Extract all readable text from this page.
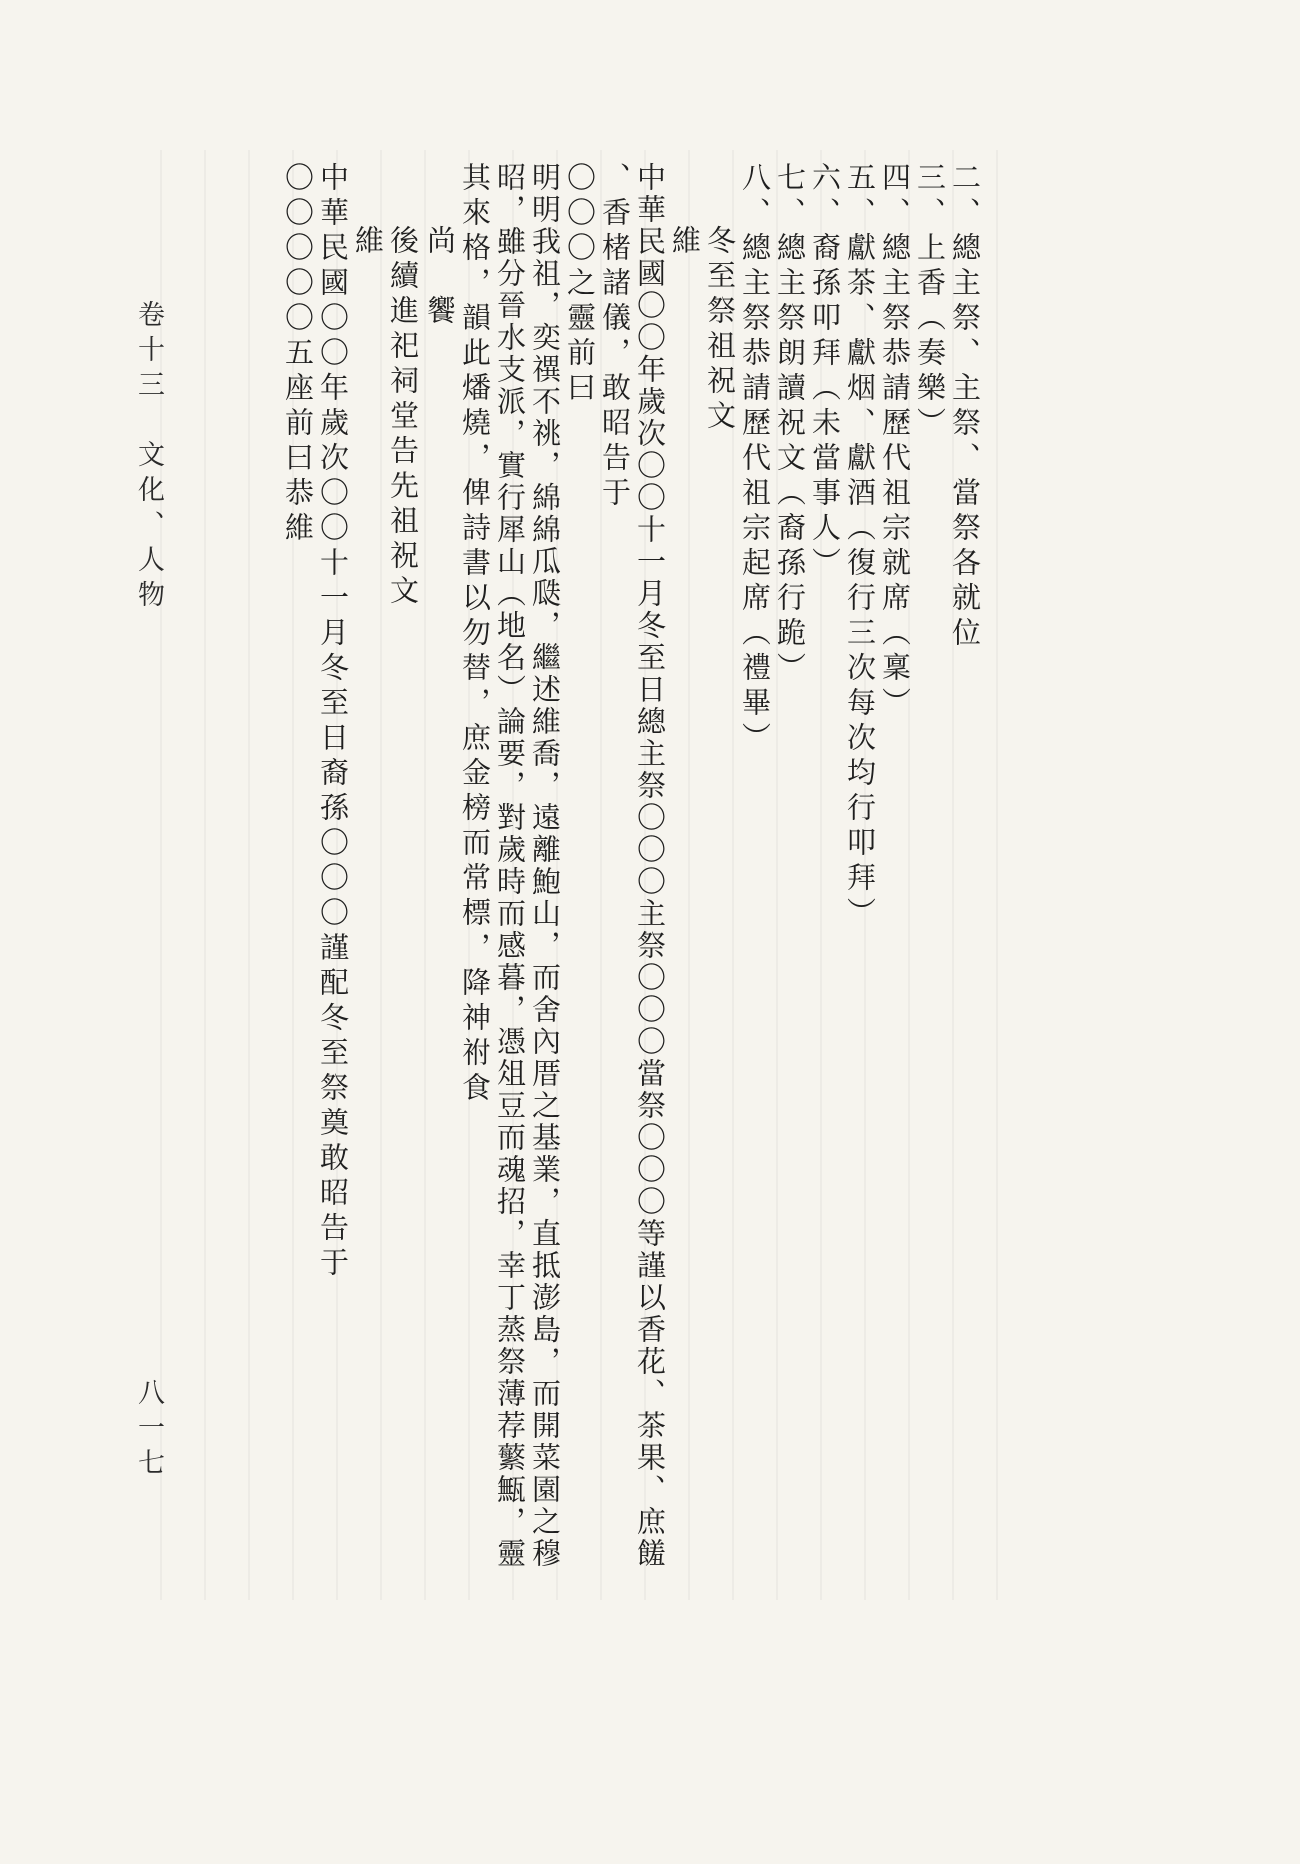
二、總主祭、主祭、當祭各就位
三、上香（奏樂）
四、總主祭恭請歷代祖宗就席（稟）
五、獻茶、獻烟、獻酒（復行三次每次均行叩拜）
六、裔孫叩拜（未當事人）
七、總主祭朗讀祝文（裔孫行跪）
八、總主祭恭請歷代祖宗起席（禮畢）
冬至祭祖祝文
維
中華民國〇〇年歲次〇〇十一月冬至日總主祭〇〇〇主祭〇〇〇當祭〇〇〇等謹以香花、茶果、庶饈
、香楮諸儀，敢昭告于
〇〇〇之靈前曰
明明我祖，奕禩不祧，綿綿瓜瓞，繼述維喬，遠離鮑山，而舍內厝之基業，直抵澎島，而開菜園之穆
昭，雖分晉水支派，實行犀山（地名）論要，對歲時而感暮，憑俎豆而魂招，幸丁蒸祭薄荐蘩甒，靈
其來格，韻此燔燒，俾詩書以勿替，庶金榜而常標，降神祔食
尚　饗
後續進祀祠堂告先祖祝文
維
中華民國〇〇年歲次〇〇十一月冬至日裔孫〇〇〇謹配冬至祭奠敢昭告于
〇〇〇〇〇五座前曰恭維
卷十三　文化、人物
八一七
